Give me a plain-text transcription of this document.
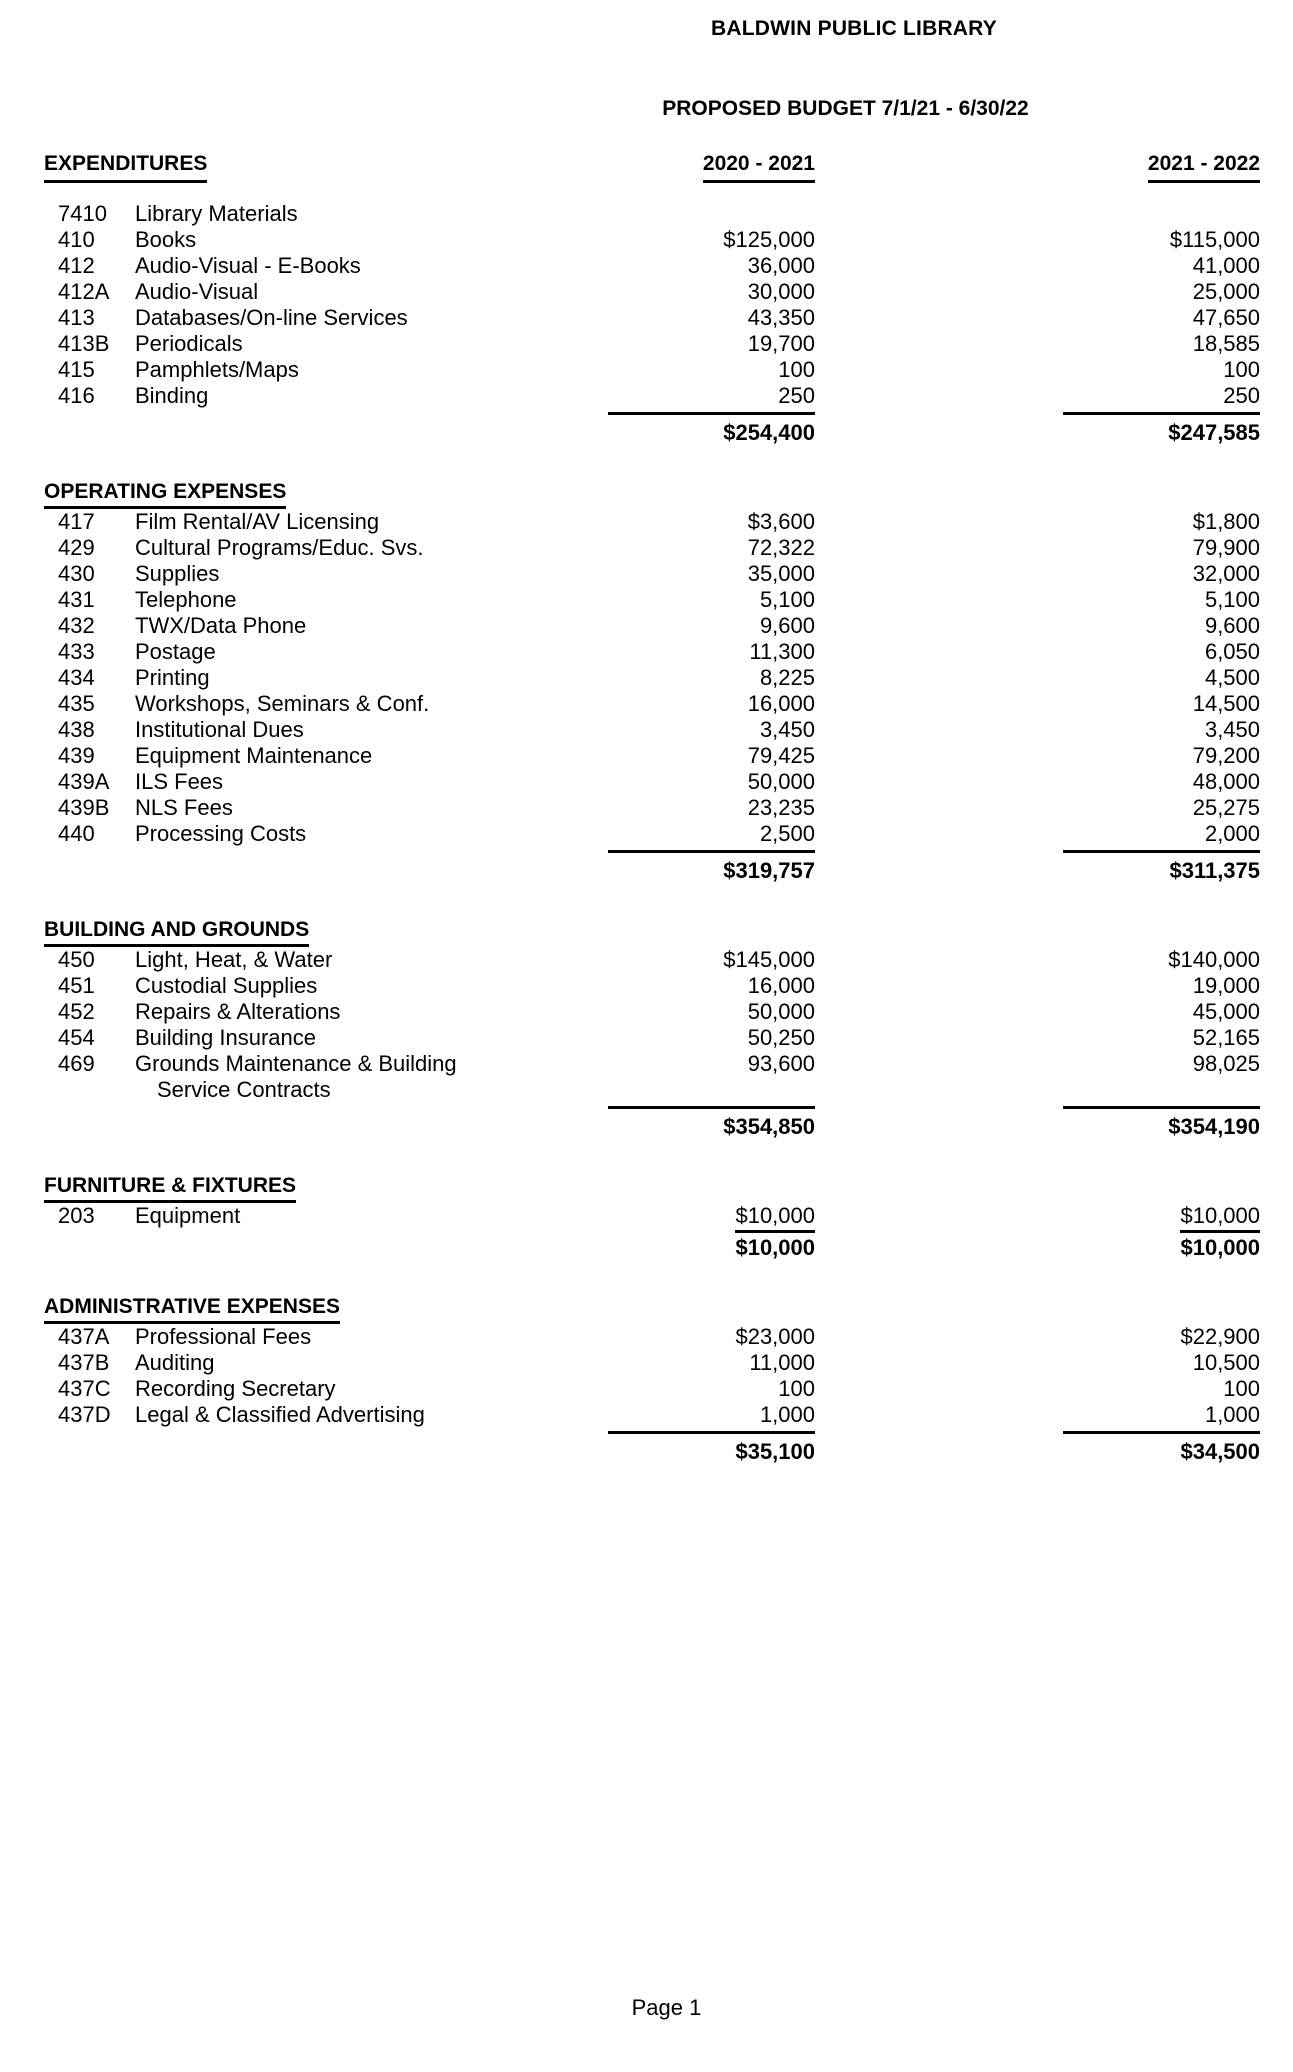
BALDWIN PUBLIC LIBRARY
PROPOSED BUDGET 7/1/21 - 6/30/22
EXPENDITURES		2020 - 2021		2021 - 2022	

7410	Library Materials				
410	Books	$125,000		$115,000	
412	Audio-Visual - E-Books	36,000		41,000	
412A	Audio-Visual	30,000		25,000	
413	Databases/On-line Services	43,350		47,650	
413B	Periodicals	19,700		18,585	
415	Pamphlets/Maps	100		100	
416	Binding	250		250	

		$254,400		$247,585	

OPERATING EXPENSES					
417	Film Rental/AV Licensing	$3,600		$1,800	
429	Cultural Programs/Educ. Svs.	72,322		79,900	
430	Supplies	35,000		32,000	
431	Telephone	5,100		5,100	
432	TWX/Data Phone	9,600		9,600	
433	Postage	11,300		6,050	
434	Printing	8,225		4,500	
435	Workshops, Seminars & Conf.	16,000		14,500	
438	Institutional Dues	3,450		3,450	
439	Equipment Maintenance	79,425		79,200	
439A	ILS Fees	50,000		48,000	
439B	NLS Fees	23,235		25,275	
440	Processing Costs	2,500		2,000	

		$319,757		$311,375	

BUILDING AND GROUNDS					
450	Light, Heat, & Water	$145,000		$140,000	
451	Custodial Supplies	16,000		19,000	
452	Repairs & Alterations	50,000		45,000	
454	Building Insurance	50,250		52,165	
469	Grounds Maintenance & Building	93,600		98,025	
	Service Contracts				

		$354,850		$354,190	

FURNITURE & FIXTURES					
203	Equipment	$10,000		$10,000	
		$10,000		$10,000	

ADMINISTRATIVE EXPENSES					
437A	Professional Fees	$23,000		$22,900	
437B	Auditing	11,000		10,500	
437C	Recording Secretary	100		100	
437D	Legal & Classified Advertising	1,000		1,000	

		$35,100		$34,500	
Page 1
